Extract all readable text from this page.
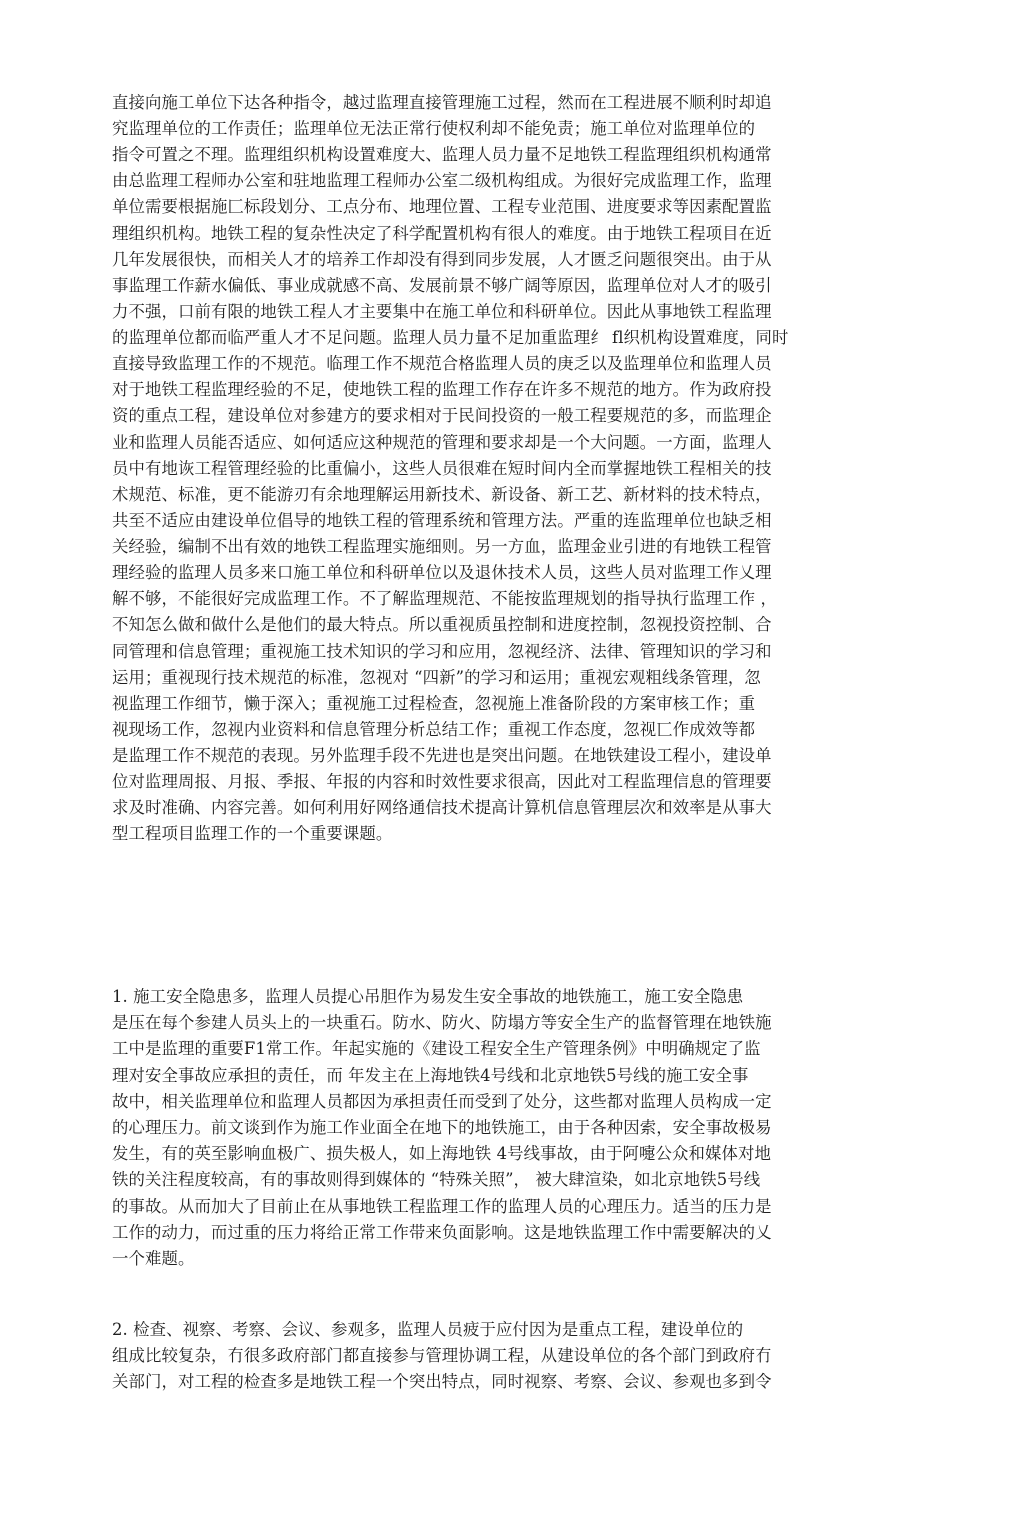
直接向施工单位下达各种指令，越过监理直接管理施工过程，然而在工程进展不顺利时却追
究监理单位的工作责任；监理单位无法正常行使权利却不能免责；施工单位对监理单位的
指令可置之不理。监理组织机构设置难度大、监理人员力量不足地铁工程监理组织机构通常
由总监理工程师办公室和驻地监理工程师办公室二级机构组成。为很好完成监理工作，监理
单位需要根据施匚标段划分、工点分布、地理位置、工程专业范围、进度要求等因素配置监
理组织机构。地铁工程的复杂性决定了科学配置机构有很人的难度。由于地铁工程项目在近
几年发展很快，而相关人才的培养工作却没有得到同步发展，人才匮乏问题很突出。由于从
事监理工作薪水偏低、事业成就感不高、发展前景不够广阔等原因，监理单位对人才的吸引
力不强，口前有限的地铁工程人才主要集中在施工单位和科研单位。因此从事地铁工程监理
的监理单位都而临严重人才不足问题。监理人员力量不足加重监理纟 fl织机构设置难度，同时
直接导致监理工作的不规范。临理工作不规范合格监理人员的庚乏以及监理单位和监理人员
对于地铁工程监理经验的不足，使地铁工程的监理工作存在许多不规范的地方。作为政府投
资的重点工程，建设单位对参建方的要求相对于民间投资的一般工程要规范的多，而监理企
业和监理人员能否适应、如何适应这种规范的管理和要求却是一个大问题。一方面，监理人
员中有地诙工程管理经验的比重偏小，这些人员很难在短时间内全而掌握地铁工程相关的技
术规范、标准，更不能游刃有余地理解运用新技术、新设备、新工艺、新材料的技术特点，
共至不适应由建设单位倡导的地铁工程的管理系统和管理方法。严重的连监理单位也缺乏相
关经验，编制不出有效的地铁工程监理实施细则。另一方血，监理金业引进的有地铁工程管
理经验的监理人员多来口施工单位和科研单位以及退休技术人员，这些人员对监理工作乂理
解不够，不能很好完成监理工作。不了解监理规范、不能按监理规划的指导执行监理工作 ，
不知怎么做和做什么是他们的最大特点。所以重视质虽控制和进度控制，忽视投资控制、合
同管理和信息管理；重视施工技术知识的学习和应用，忽视经济、法律、管理知识的学习和
运用；重视现行技术规范的标准，忽视对 “四新”的学习和运用；重视宏观粗线条管理，忽
视监理工作细节，懒于深入；重视施工过程检查，忽视施上准备阶段的方案审核工作；重
视现场工作，忽视内业资料和信息管理分析总结工作；重视工作态度，忽视匸作成效等都
是监理工作不规范的表现。另外监理手段不先进也是突出问题。在地铁建设工程小，建设单
位对监理周报、月报、季报、年报的内容和时效性要求很高，因此对工程监理信息的管理要
求及时准确、内容完善。如何利用好网络通信技术提高计算机信息管理层次和效率是从事大
型工程项目监理工作的一个重要课题。
1. 施工安全隐患多，监理人员提心吊胆作为易发生安全事故的地铁施工，施工安全隐患
是压在每个参建人员头上的一块重石。防水、防火、防塌方等安全生产的监督管理在地铁施
工中是监理的重要F1常工作。年起实施的《建设工程安全生产管理条例》中明确规定了监
理对安全事故应承担的责任，而 年发主在上海地铁4号线和北京地铁5号线的施工安全事
故中，相关监理单位和监理人员都因为承担责任而受到了处分，这些都对监理人员构成一定
的心理压力。前文谈到作为施工作业面全在地下的地铁施工，由于各种因索，安全事故极易
发生，有的英至影响血极广、损失极人，如上海地铁 4号线事故，由于阿嚏公众和媒体对地
铁的关注程度较高，有的事故则得到媒体的 “特殊关照”， 被大肆渲染，如北京地铁5号线
的事故。从而加大了目前止在从事地铁工程监理工作的监理人员的心理压力。适当的压力是
工作的动力，而过重的压力将给正常工作带来负面影响。这是地铁监理工作中需要解决的乂
一个难题。
2. 检查、视察、考察、会议、参观多，监理人员疲于应付因为是重点工程，建设单位的
组成比较复杂，冇很多政府部门都直接参与管理协调工程，从建设单位的各个部门到政府冇
关部门，对工程的检查多是地铁工程一个突出特点，同时视察、考察、会议、参观也多到令
